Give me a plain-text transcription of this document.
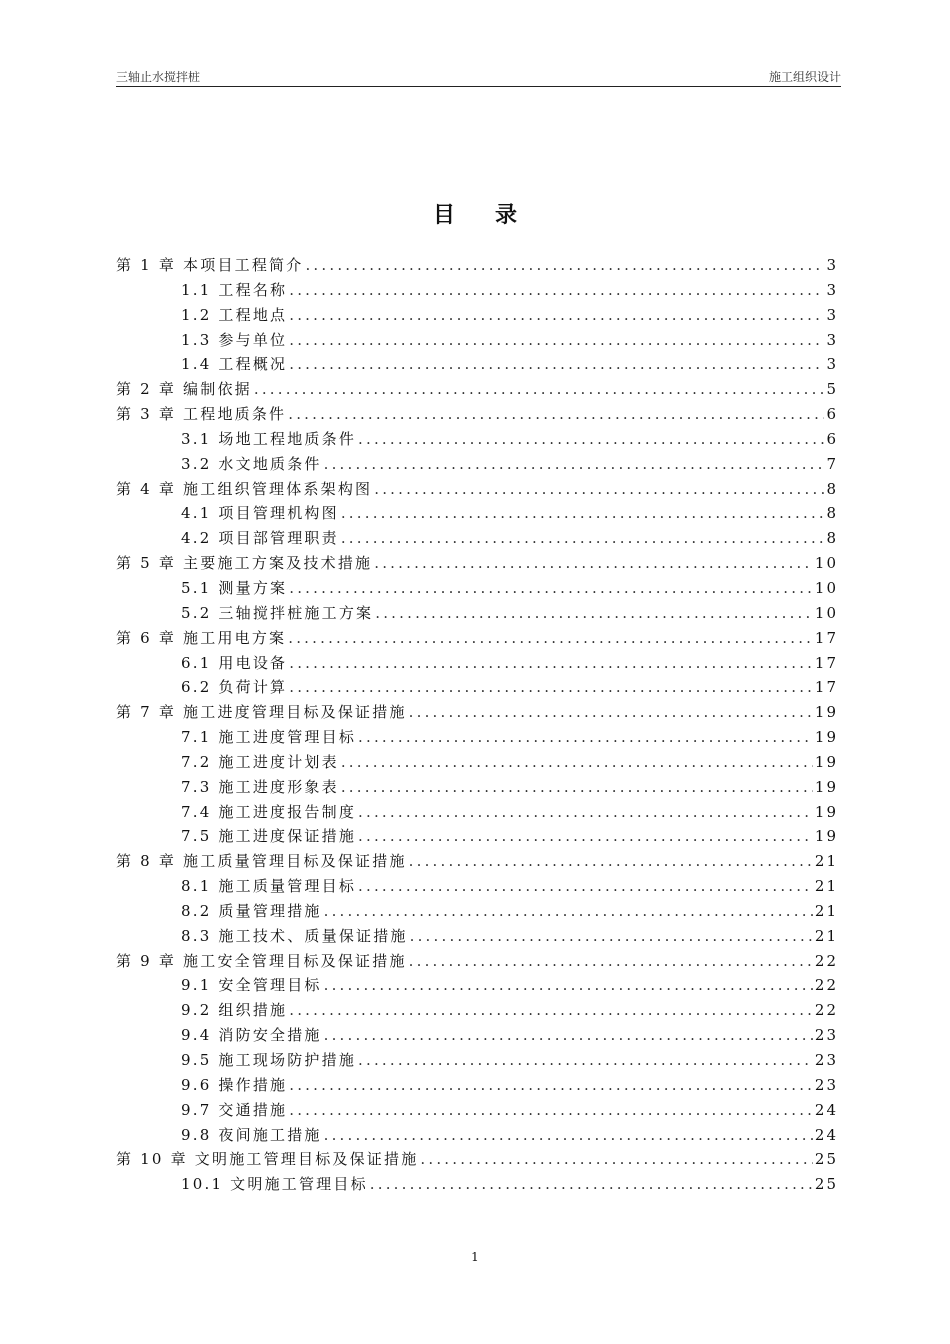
三轴止水搅拌桩	施工组织设计
目录
第 1 章 本项目工程简介 .....	3
1.1 工程名称 .....	3
1.2 工程地点 .....	3
1.3 参与单位 .....	3
1.4 工程概况 .....	3
第 2 章 编制依据 .....	5
第 3 章 工程地质条件 .....	6
3.1 场地工程地质条件 .....	6
3.2 水文地质条件 .....	7
第 4 章 施工组织管理体系架构图 .....	8
4.1 项目管理机构图 .....	8
4.2 项目部管理职责 .....	8
第 5 章 主要施工方案及技术措施 .....	10
5.1 测量方案 .....	10
5.2 三轴搅拌桩施工方案 .....	10
第 6 章 施工用电方案 .....	17
6.1 用电设备 .....	17
6.2 负荷计算 .....	17
第 7 章 施工进度管理目标及保证措施 .....	19
7.1 施工进度管理目标 .....	19
7.2 施工进度计划表 .....	19
7.3 施工进度形象表 .....	19
7.4 施工进度报告制度 .....	19
7.5 施工进度保证措施 .....	19
第 8 章 施工质量管理目标及保证措施 .....	21
8.1 施工质量管理目标 .....	21
8.2 质量管理措施 .....	21
8.3 施工技术、质量保证措施 .....	21
第 9 章 施工安全管理目标及保证措施 .....	22
9.1 安全管理目标 .....	22
9.2 组织措施 .....	22
9.4 消防安全措施 .....	23
9.5 施工现场防护措施 .....	23
9.6 操作措施 .....	23
9.7 交通措施 .....	24
9.8 夜间施工措施 .....	24
第 10 章 文明施工管理目标及保证措施 .....	25
10.1 文明施工管理目标 .....	25
1
